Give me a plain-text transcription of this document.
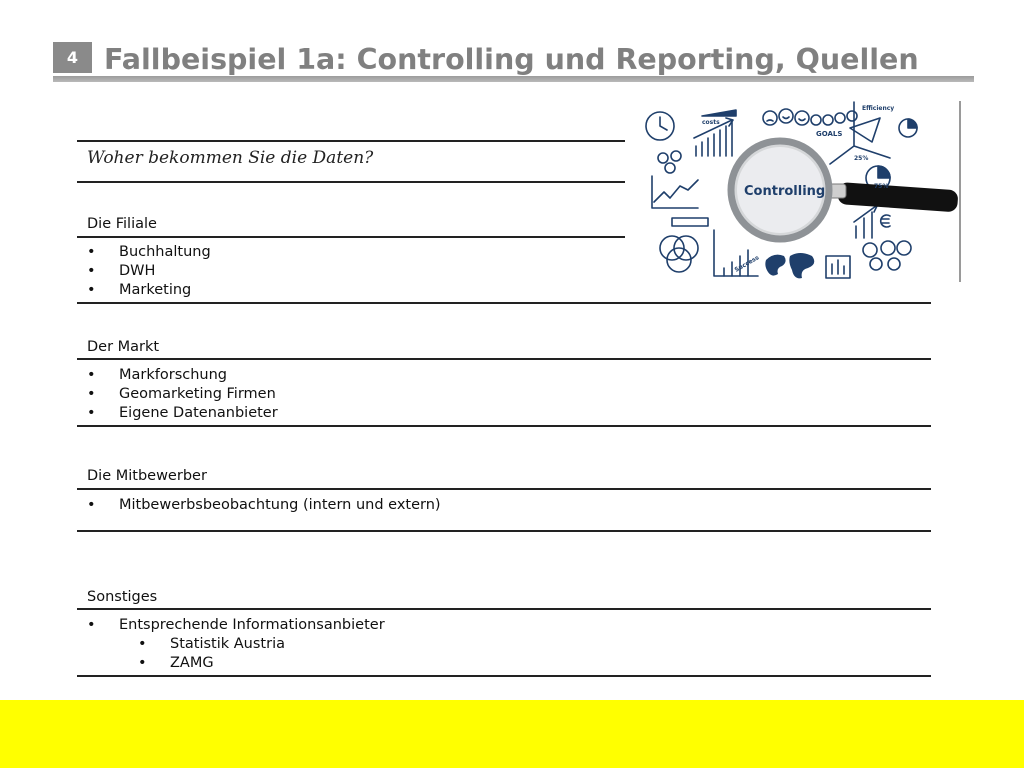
4 Fallbeispiel 1a: Controlling und Reporting, Quellen

Woher bekommen Sie die Daten?

Die Filiale

• Buchhaltung
• DWH
• Marketing

Der Markt

• Markforschung
• Geomarketing Firmen
• Eigene Datenanbieter

Die Mitbewerber

• Mitbewerbsbeobachtung (intern und extern)

Sonstiges

• Entsprechende Informationsanbieter
• Statistik Austria
• ZAMG
Controlling
GOALS
Efficiency
Success
costs
25%
75%
